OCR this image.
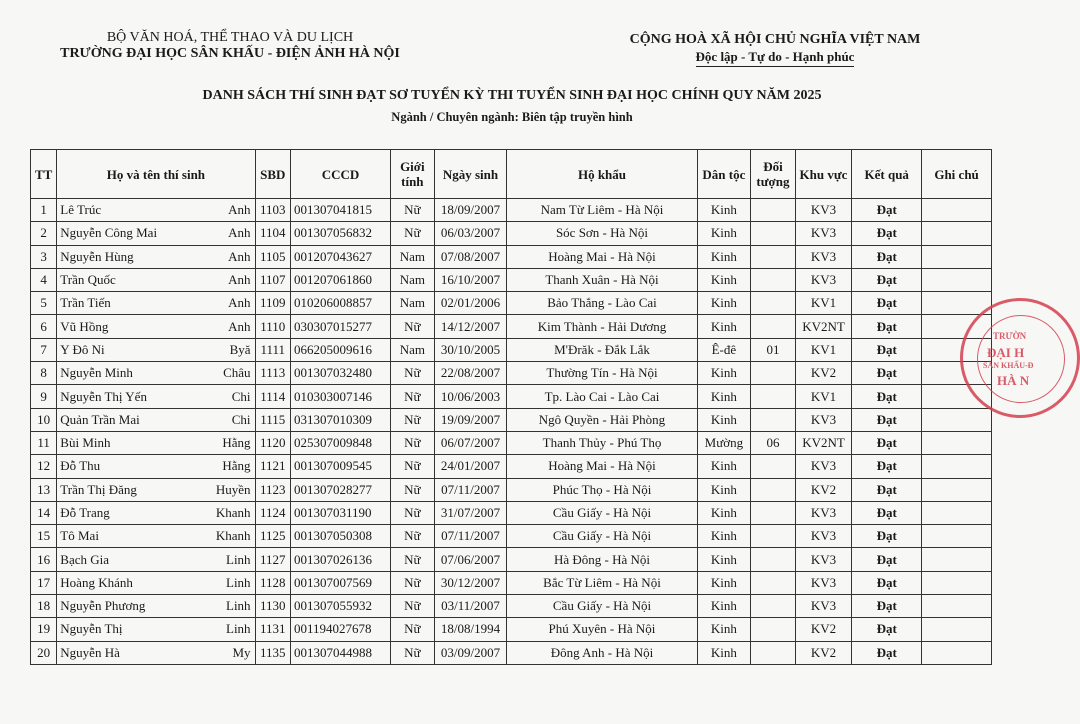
BỘ VĂN HOÁ, THỂ THAO VÀ DU LỊCH
TRƯỜNG ĐẠI HỌC SÂN KHẤU - ĐIỆN ẢNH HÀ NỘI
CỘNG HOÀ XÃ HỘI CHỦ NGHĨA VIỆT NAM
Độc lập - Tự do - Hạnh phúc
DANH SÁCH THÍ SINH ĐẠT SƠ TUYỂN KỲ THI TUYỂN SINH ĐẠI HỌC CHÍNH QUY NĂM 2025
Ngành / Chuyên ngành: Biên tập truyền hình
TT	Họ và tên thí sinh	SBD	CCCD	Giới tính	Ngày sinh	Hộ khẩu	Dân tộc	Đối tượng	Khu vực	Kết quả	Ghi chú
1	Lê Trúc Anh	1103	001307041815	Nữ	18/09/2007	Nam Từ Liêm - Hà Nội	Kinh		KV3	Đạt	
2	Nguyễn Công Mai Anh	1104	001307056832	Nữ	06/03/2007	Sóc Sơn - Hà Nội	Kinh		KV3	Đạt	
3	Nguyễn Hùng Anh	1105	001207043627	Nam	07/08/2007	Hoàng Mai - Hà Nội	Kinh		KV3	Đạt	
4	Trần Quốc Anh	1107	001207061860	Nam	16/10/2007	Thanh Xuân - Hà Nội	Kinh		KV3	Đạt	
5	Trần Tiến Anh	1109	010206008857	Nam	02/01/2006	Bảo Thắng - Lào Cai	Kinh		KV1	Đạt	
6	Vũ Hồng Anh	1110	030307015277	Nữ	14/12/2007	Kim Thành - Hải Dương	Kinh		KV2NT	Đạt	
7	Y Đô Ni Byă	1111	066205009616	Nam	30/10/2005	M'Đrăk - Đắk Lắk	Ê-đê	01	KV1	Đạt	
8	Nguyễn Minh Châu	1113	001307032480	Nữ	22/08/2007	Thường Tín - Hà Nội	Kinh		KV2	Đạt	
9	Nguyễn Thị Yến Chi	1114	010303007146	Nữ	10/06/2003	Tp. Lào Cai - Lào Cai	Kinh		KV1	Đạt	
10	Quản Trần Mai Chi	1115	031307010309	Nữ	19/09/2007	Ngô Quyền - Hải Phòng	Kinh		KV3	Đạt	
11	Bùi Minh Hằng	1120	025307009848	Nữ	06/07/2007	Thanh Thủy - Phú Thọ	Mường	06	KV2NT	Đạt	
12	Đỗ Thu Hằng	1121	001307009545	Nữ	24/01/2007	Hoàng Mai - Hà Nội	Kinh		KV3	Đạt	
13	Trần Thị Đăng Huyền	1123	001307028277	Nữ	07/11/2007	Phúc Thọ - Hà Nội	Kinh		KV2	Đạt	
14	Đỗ Trang Khanh	1124	001307031190	Nữ	31/07/2007	Cầu Giấy - Hà Nội	Kinh		KV3	Đạt	
15	Tô Mai Khanh	1125	001307050308	Nữ	07/11/2007	Cầu Giấy - Hà Nội	Kinh		KV3	Đạt	
16	Bạch Gia Linh	1127	001307026136	Nữ	07/06/2007	Hà Đông - Hà Nội	Kinh		KV3	Đạt	
17	Hoàng Khánh Linh	1128	001307007569	Nữ	30/12/2007	Bắc Từ Liêm - Hà Nội	Kinh		KV3	Đạt	
18	Nguyễn Phương Linh	1130	001307055932	Nữ	03/11/2007	Cầu Giấy - Hà Nội	Kinh		KV3	Đạt	
19	Nguyễn Thị Linh	1131	001194027678	Nữ	18/08/1994	Phú Xuyên - Hà Nội	Kinh		KV2	Đạt	
20	Nguyễn Hà My	1135	001307044988	Nữ	03/09/2007	Đông Anh - Hà Nội	Kinh		KV2	Đạt	
TRƯỜN
ĐẠI H
SÂN KHẤU-Đ
HÀ N
